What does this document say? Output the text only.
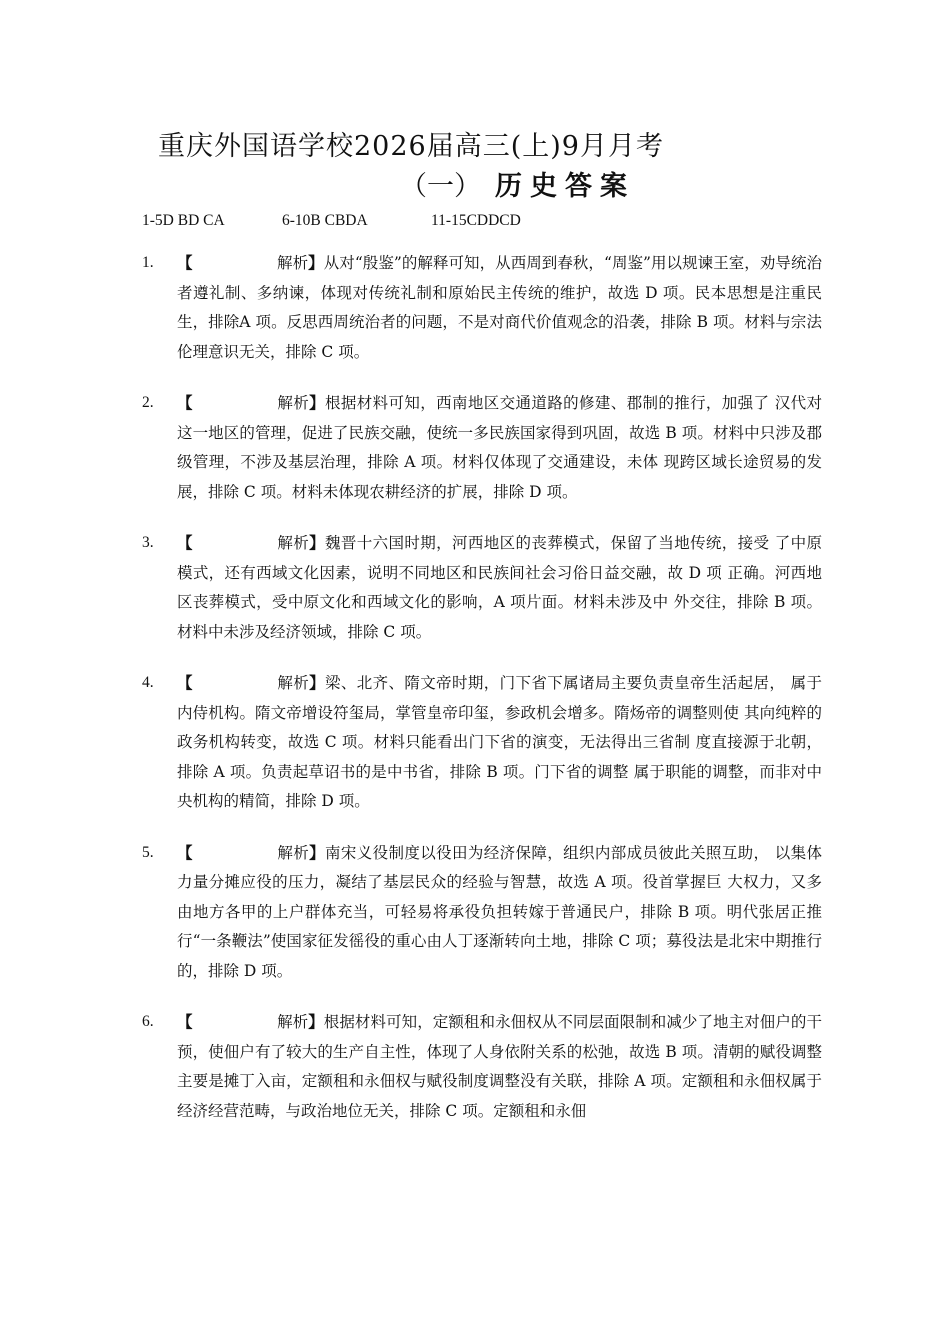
重庆外国语学校2026届高三(上)9月月考
（一） 历史答案
1-5D BD CA	6-10B CBDA	11-15CDDCD
1. 【	解析】从对“殷鉴”的解释可知，从西周到春秋，“周鉴”用以规谏王室，劝导统治者遵礼制、多纳谏，体现对传统礼制和原始民主传统的维护，故选 D 项。民本思想是注重民生，排除A 项。反思西周统治者的问题，不是对商代价值观念的沿袭，排除 B 项。材料与宗法伦理意识无关，排除 C 项。
2. 【	解析】根据材料可知，西南地区交通道路的修建、郡制的推行，加强了 汉代对这一地区的管理，促进了民族交融，使统一多民族国家得到巩固，故选 B 项。材料中只涉及郡级管理，不涉及基层治理，排除 A 项。材料仅体现了交通建设，未体 现跨区域长途贸易的发展，排除 C 项。材料未体现农耕经济的扩展，排除 D 项。
3. 【	解析】魏晋十六国时期，河西地区的丧葬模式，保留了当地传统，接受 了中原模式，还有西域文化因素，说明不同地区和民族间社会习俗日益交融，故 D 项 正确。河西地区丧葬模式，受中原文化和西域文化的影响，A 项片面。材料未涉及中 外交往，排除 B 项。材料中未涉及经济领域，排除 C 项。
4. 【	解析】梁、北齐、隋文帝时期，门下省下属诸局主要负责皇帝生活起居， 属于内侍机构。隋文帝增设符玺局，掌管皇帝印玺，参政机会增多。隋炀帝的调整则使 其向纯粹的政务机构转变，故选 C 项。材料只能看出门下省的演变，无法得出三省制 度直接源于北朝，排除 A 项。负责起草诏书的是中书省，排除 B 项。门下省的调整 属于职能的调整，而非对中央机构的精简，排除 D 项。
5. 【	解析】南宋义役制度以役田为经济保障，组织内部成员彼此关照互助， 以集体力量分摊应役的压力，凝结了基层民众的经验与智慧，故选 A 项。役首掌握巨 大权力，又多由地方各甲的上户群体充当，可轻易将承役负担转嫁于普通民户，排除 B 项。明代张居正推行“一条鞭法”使国家征发徭役的重心由人丁逐渐转向土地，排除 C 项；募役法是北宋中期推行的，排除 D 项。
6. 【	解析】根据材料可知，定额租和永佃权从不同层面限制和减少了地主对佃户的干预，使佃户有了较大的生产自主性，体现了人身依附关系的松弛，故选 B 项。清朝的赋役调整主要是摊丁入亩，定额租和永佃权与赋役制度调整没有关联，排除 A 项。定额租和永佃权属于经济经营范畴，与政治地位无关，排除 C 项。定额租和永佃
